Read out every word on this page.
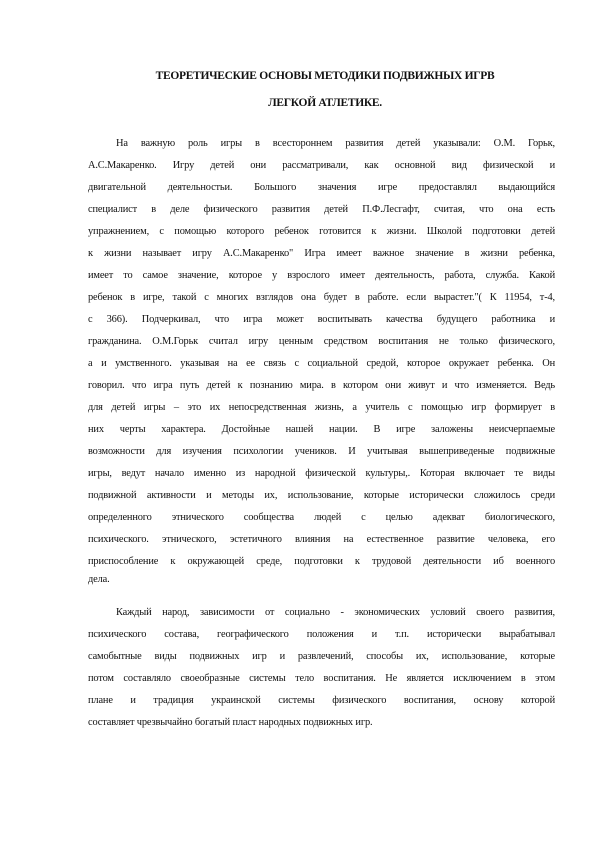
ТЕОРЕТИЧЕСКИЕ ОСНОВЫ МЕТОДИКИ ПОДВИЖНЫХ ИГРВ
ЛЕГКОЙ АТЛЕТИКЕ.
На важную роль игры в всестороннем развития детей указывали: О.М. Горьк,
А.С.Макаренко. Игру детей они рассматривали, как основной вид физической и
двигательной деятельностьи. Большого значения игре предоставлял выдающийся
специалист в деле физического развития детей П.Ф.Лесгафт, считая, что она есть
упражнением, с помощью которого ребенок готовится к жизни. Школой подготовки детей
к жизни называет игру А.С.Макаренко" Игра имеет важное значение в жизни ребенка,
имеет то самое значение, которое у взрослого имеет деятельность, работа, служба. Какой
ребенок в игре, такой с многих взглядов она будет в работе. если вырастет."( К 11954, т-4,
с 366). Подчеркивал, что игра может воспитывать качества будущего работника и
гражданина. О.М.Горьк считал игру ценным средством воспитания не только физического,
а и умственного. указывая на ее связь с социальной средой, которое окружает ребенка. Он
говорил. что игра путь детей к познанию мира. в котором они живут и что изменяется. Ведь
для детей игры – это их непосредственная жизнь, а учитель с помощью игр формирует в
них черты характера. Достойные нашей нации. В игре заложены неисчерпаемые
возможности для изучения психологии учеников. И учитывая вышеприведеные подвижные
игры, ведут начало именно из народной физической культуры,. Которая включает те виды
подвижной активности и методы их, использование, которые исторически сложилось среди
определенного этнического сообщества людей с целью адекват биологического,
психического. этнического, эстетичного влияния на естественное развитие человека, его
приспособление к окружающей среде, подготовки к трудовой деятельности иб военного
дела.
Каждый народ, зависимости от социально - экономических условий своего развития,
психического состава, географического положения и т.п. исторически вырабатывал
самобытные виды подвижных игр и развлечений, способы их, использование, которые
потом составляло своеобразные системы тело воспитания. Не является исключением в этом
плане и традиция украинской системы физического воспитания, основу которой
составляет чрезвычайно богатый пласт народных подвижных игр.
